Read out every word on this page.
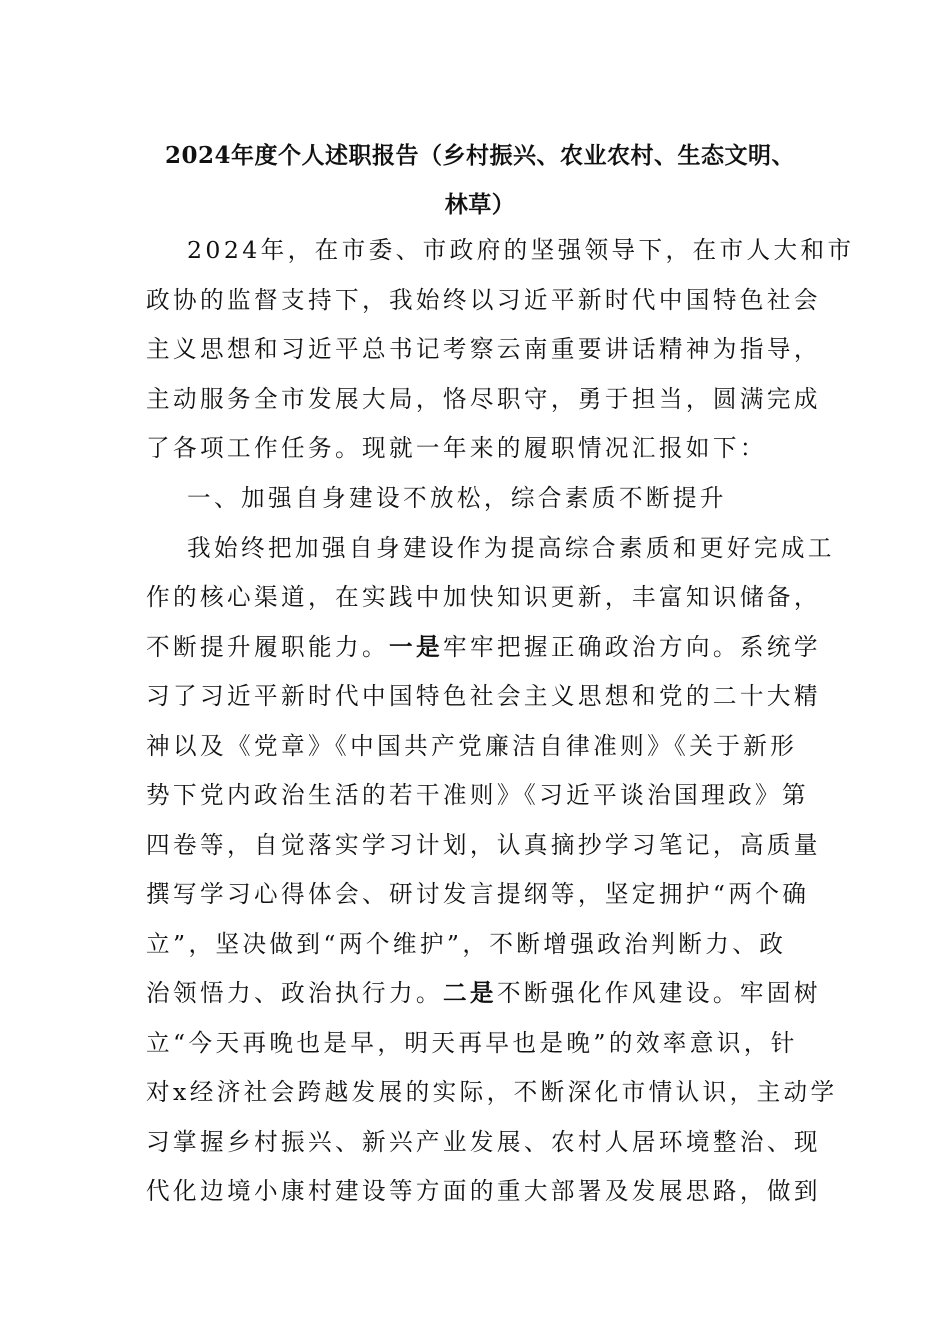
2024年度个人述职报告（乡村振兴、农业农村、生态文明、
林草）

2024年，在市委、市政府的坚强领导下，在市人大和市

政协的监督支持下，我始终以习近平新时代中国特色社会

主义思想和习近平总书记考察云南重要讲话精神为指导，

主动服务全市发展大局，恪尽职守，勇于担当，圆满完成

了各项工作任务。现就一年来的履职情况汇报如下：

一、加强自身建设不放松，综合素质不断提升

我始终把加强自身建设作为提高综合素质和更好完成工

作的核心渠道，在实践中加快知识更新，丰富知识储备，

不断提升履职能力。一是牢牢把握正确政治方向。系统学

习了习近平新时代中国特色社会主义思想和党的二十大精

神以及《党章》《中国共产党廉洁自律准则》《关于新形

势下党内政治生活的若干准则》《习近平谈治国理政》第

四卷等，自觉落实学习计划，认真摘抄学习笔记，高质量

撰写学习心得体会、研讨发言提纲等，坚定拥护“两个确

立”，坚决做到“两个维护”，不断增强政治判断力、政

治领悟力、政治执行力。二是不断强化作风建设。牢固树

立“今天再晚也是早，明天再早也是晚”的效率意识，针

对x经济社会跨越发展的实际，不断深化市情认识，主动学

习掌握乡村振兴、新兴产业发展、农村人居环境整治、现

代化边境小康村建设等方面的重大部署及发展思路，做到
